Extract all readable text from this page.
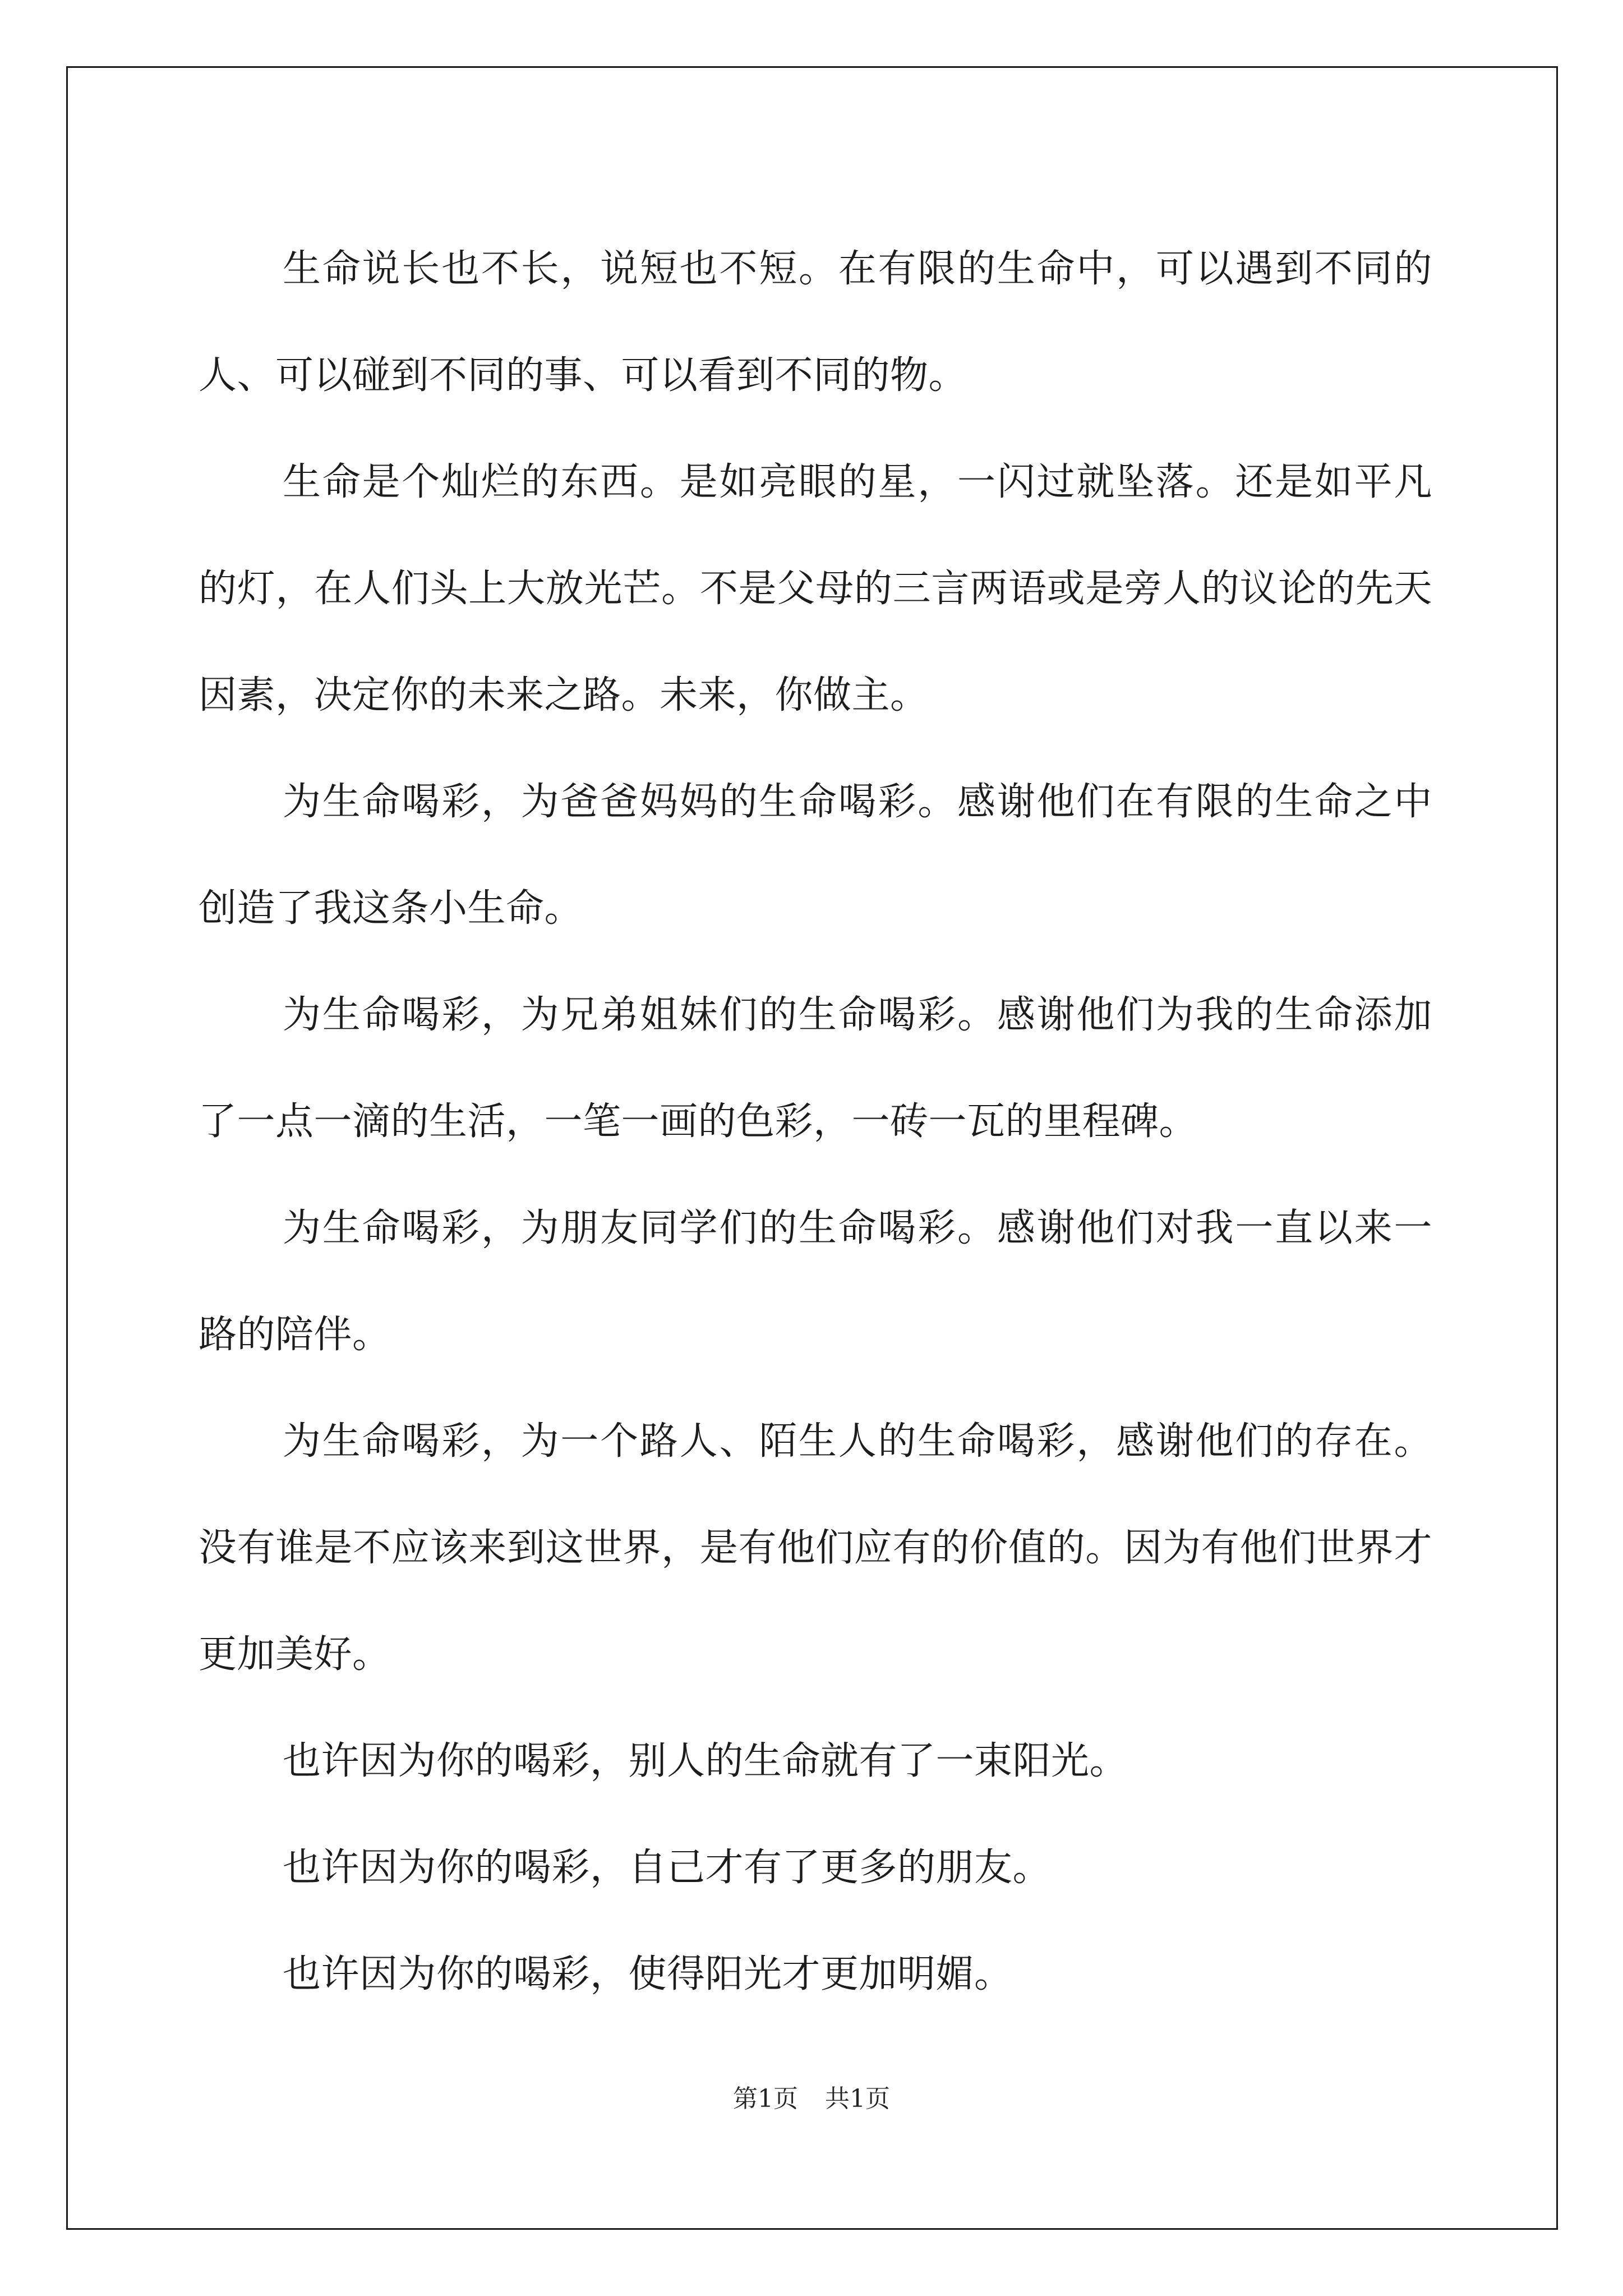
生命说长也不长，说短也不短。在有限的生命中，可以遇到不同的人、可以碰到不同的事、可以看到不同的物。

生命是个灿烂的东西。是如亮眼的星，一闪过就坠落。还是如平凡的灯，在人们头上大放光芒。不是父母的三言两语或是旁人的议论的先天因素，决定你的未来之路。未来，你做主。

为生命喝彩，为爸爸妈妈的生命喝彩。感谢他们在有限的生命之中创造了我这条小生命。

为生命喝彩，为兄弟姐妹们的生命喝彩。感谢他们为我的生命添加了一点一滴的生活，一笔一画的色彩，一砖一瓦的里程碑。

为生命喝彩，为朋友同学们的生命喝彩。感谢他们对我一直以来一路的陪伴。

为生命喝彩，为一个路人、陌生人的生命喝彩，感谢他们的存在。没有谁是不应该来到这世界，是有他们应有的价值的。因为有他们世界才更加美好。

也许因为你的喝彩，别人的生命就有了一束阳光。

也许因为你的喝彩，自己才有了更多的朋友。

也许因为你的喝彩，使得阳光才更加明媚。

第1页 共1页
